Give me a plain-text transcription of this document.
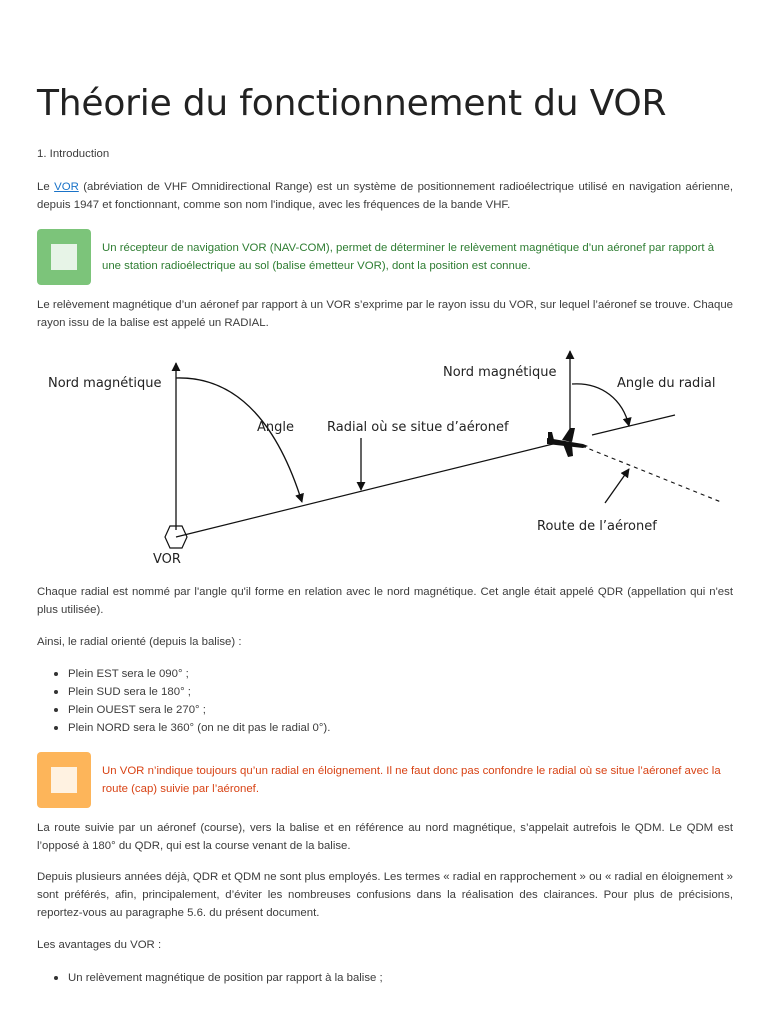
Théorie du fonctionnement du VOR

1. Introduction

Le VOR (abréviation de VHF Omnidirectional Range) est un système de positionnement radioélectrique utilisé en navigation aérienne, depuis 1947 et fonctionnant, comme son nom l'indique, avec les fréquences de la bande VHF.

Un récepteur de navigation VOR (NAV-COM), permet de déterminer le relèvement magnétique d’un aéronef par rapport à une station radioélectrique au sol (balise émetteur VOR), dont la position est connue.

Le relèvement magnétique d’un aéronef par rapport à un VOR s’exprime par le rayon issu du VOR, sur lequel l’aéronef se trouve. Chaque rayon issu de la balise est appelé un RADIAL.

Nord magnétique
Angle	Radial où se situe d’aéronef
Nord magnétique
Angle du radial
Route de l’aéronef
VOR

Chaque radial est nommé par l'angle qu'il forme en relation avec le nord magnétique. Cet angle était appelé QDR (appellation qui n'est plus utilisée).

Ainsi, le radial orienté (depuis la balise) :

Plein EST sera le 090° ;
Plein SUD sera le 180° ;
Plein OUEST sera le 270° ;
Plein NORD sera le 360° (on ne dit pas le radial 0°).

Un VOR n’indique toujours qu’un radial en éloignement. Il ne faut donc pas confondre le radial où se situe l’aéronef avec la route (cap) suivie par l’aéronef.

La route suivie par un aéronef (course), vers la balise et en référence au nord magnétique, s’appelait autrefois le QDM. Le QDM est l’opposé à 180° du QDR, qui est la course venant de la balise.

Depuis plusieurs années déjà, QDR et QDM ne sont plus employés. Les termes « radial en rapprochement » ou « radial en éloignement » sont préférés, afin, principalement, d’éviter les nombreuses confusions dans la réalisation des clairances. Pour plus de précisions, reportez-vous au paragraphe 5.6. du présent document.

Les avantages du VOR :

Un relèvement magnétique de position par rapport à la balise ;
